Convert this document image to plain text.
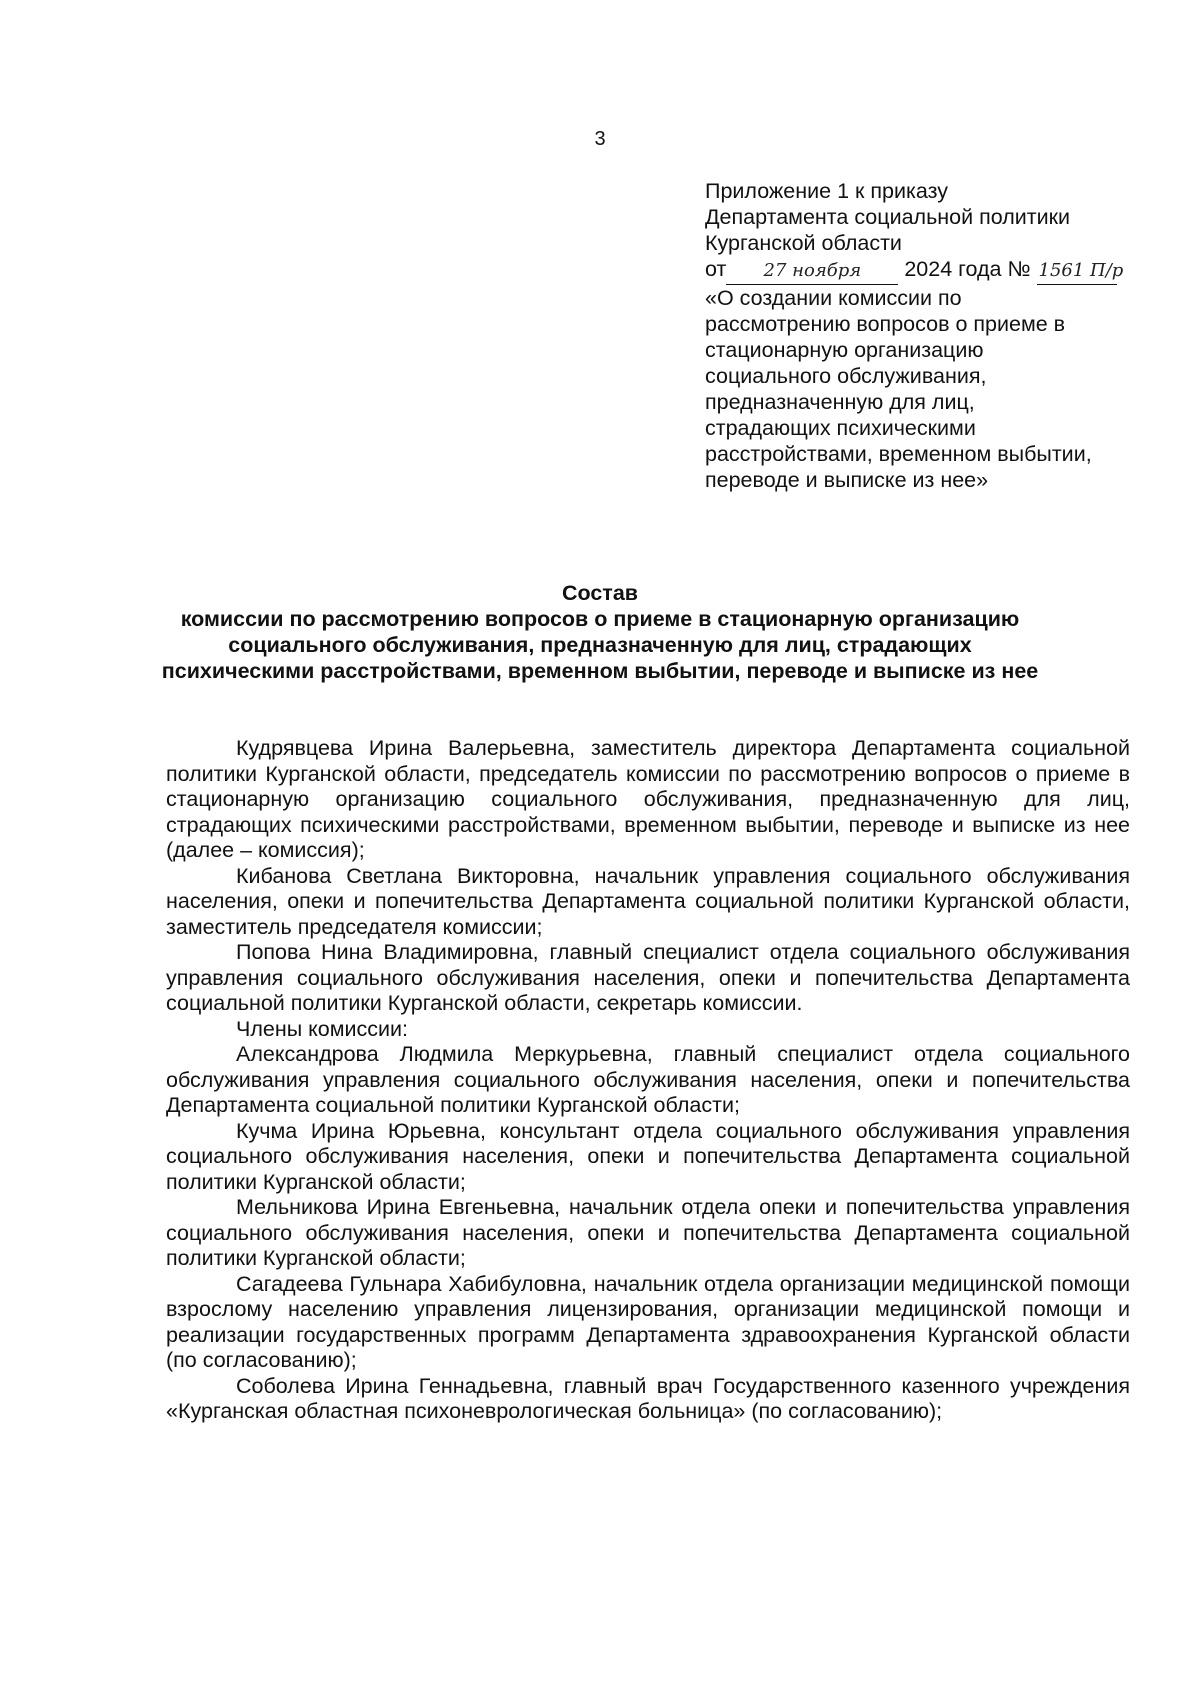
3
Приложение 1 к приказу
Департамента социальной политики
Курганской области
от 27 ноября 2024 года № 1561 П/р
«О создании комиссии по
рассмотрению вопросов о приеме в
стационарную организацию
социального обслуживания,
предназначенную для лиц,
страдающих психическими
расстройствами, временном выбытии,
переводе и выписке из нее»
Состав
комиссии по рассмотрению вопросов о приеме в стационарную организацию
социального обслуживания, предназначенную для лиц, страдающих
психическими расстройствами, временном выбытии, переводе и выписке из нее

Кудрявцева Ирина Валерьевна, заместитель директора Департамента социальной политики Курганской области, председатель комиссии по рассмотрению вопросов о приеме в стационарную организацию социального обслуживания, предназначенную для лиц, страдающих психическими расстройствами, временном выбытии, переводе и выписке из нее (далее – комиссия);

Кибанова Светлана Викторовна, начальник управления социального обслуживания населения, опеки и попечительства Департамента социальной политики Курганской области, заместитель председателя комиссии;

Попова Нина Владимировна, главный специалист отдела социального обслуживания управления социального обслуживания населения, опеки и попечительства Департамента социальной политики Курганской области, секретарь комиссии.

Члены комиссии:

Александрова Людмила Меркурьевна, главный специалист отдела социального обслуживания управления социального обслуживания населения, опеки и попечительства Департамента социальной политики Курганской области;

Кучма Ирина Юрьевна, консультант отдела социального обслуживания управления социального обслуживания населения, опеки и попечительства Департамента социальной политики Курганской области;

Мельникова Ирина Евгеньевна, начальник отдела опеки и попечительства управления социального обслуживания населения, опеки и попечительства Департамента социальной политики Курганской области;

Сагадеева Гульнара Хабибуловна, начальник отдела организации медицинской помощи взрослому населению управления лицензирования, организации медицинской помощи и реализации государственных программ Департамента здравоохранения Курганской области (по согласованию);

Соболева Ирина Геннадьевна, главный врач Государственного казенного учреждения «Курганская областная психоневрологическая больница» (по согласованию);
